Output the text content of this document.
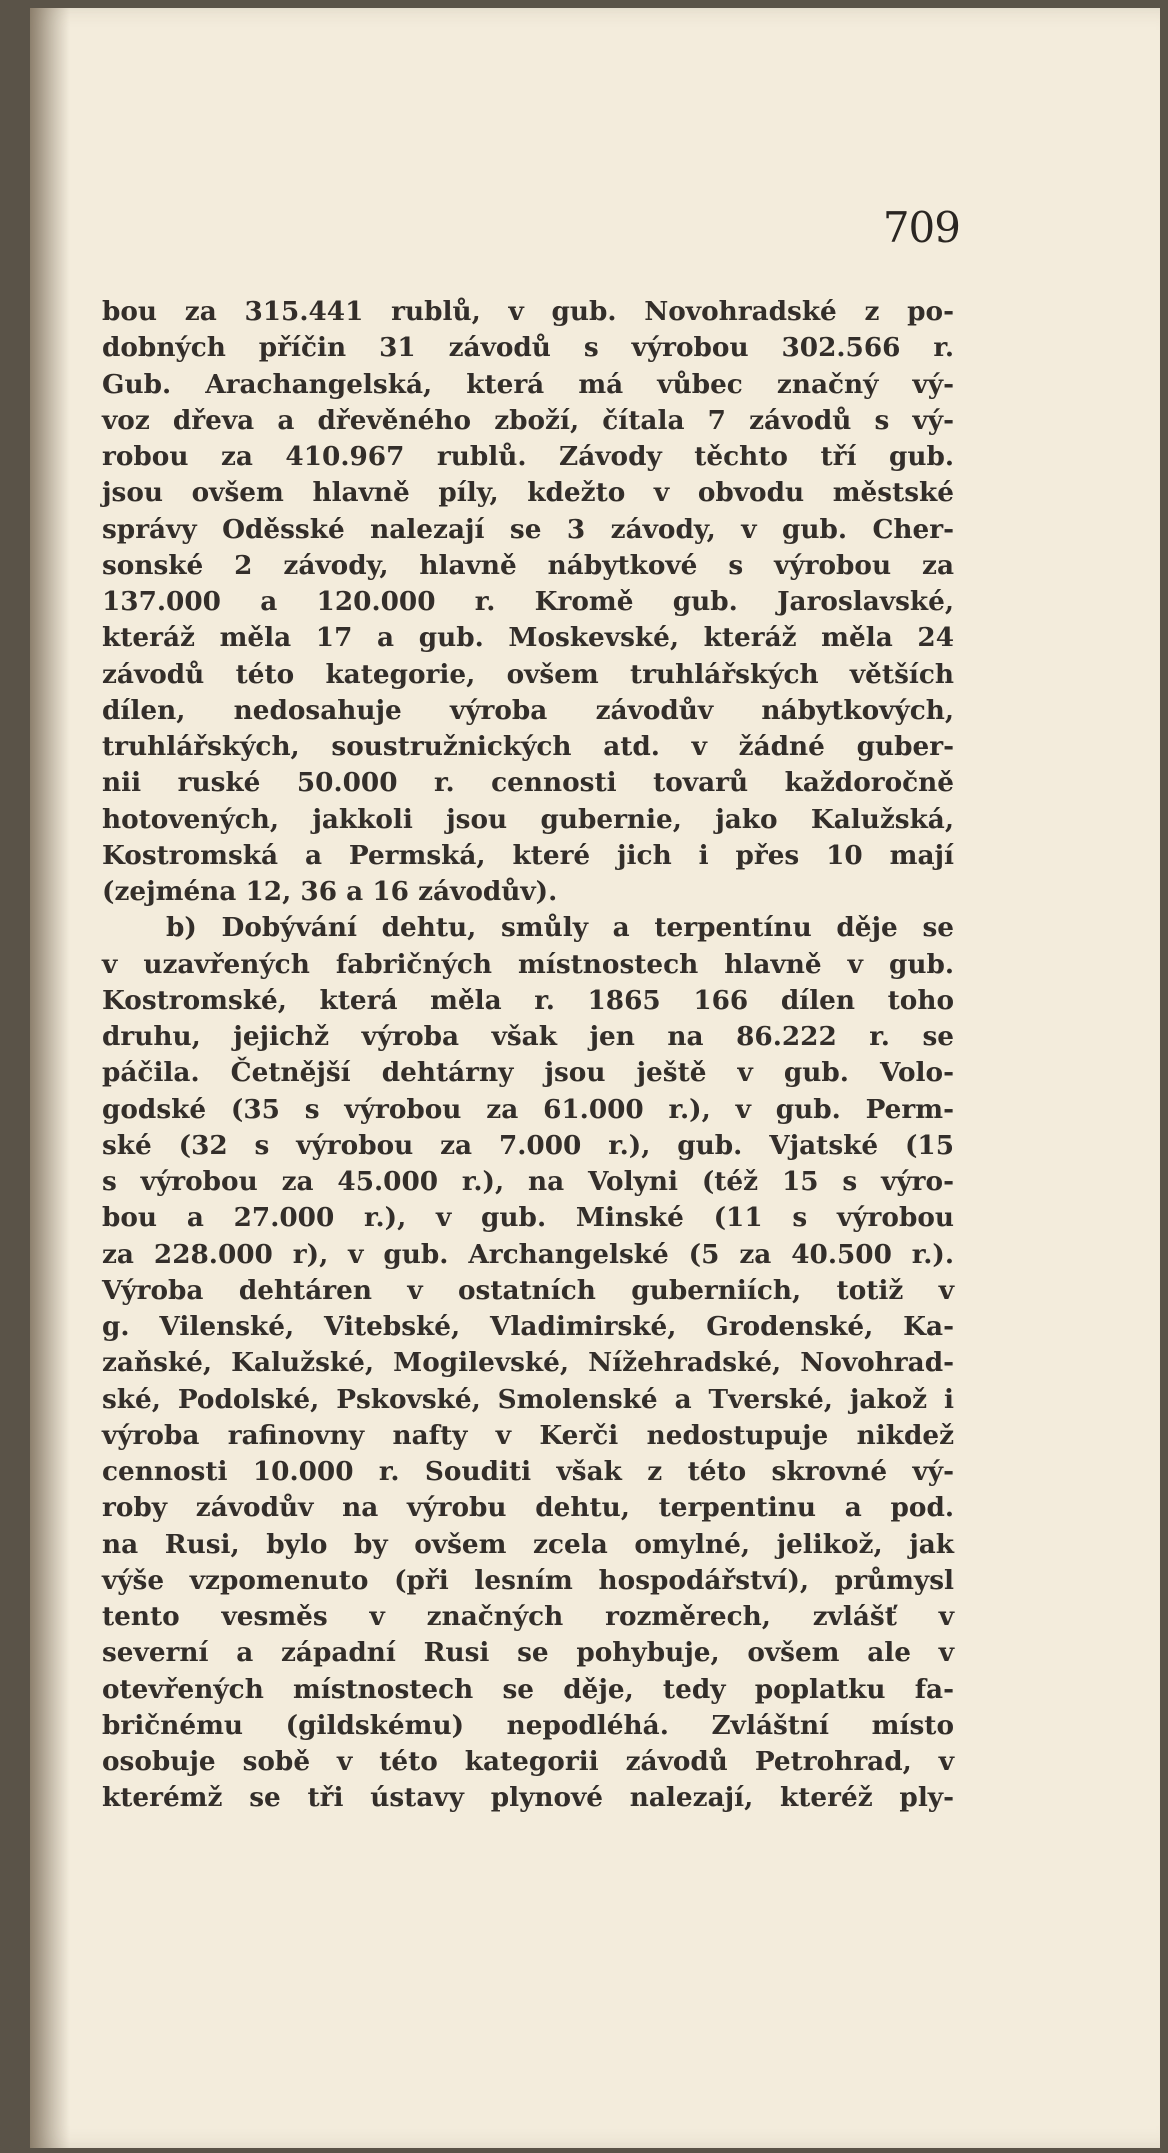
709

bou za 315.441 rublů, v gub. Novohradské z po-

dobných příčin 31 závodů s výrobou 302.566 r.

Gub. Arachangelská, která má vůbec značný vý-

voz dřeva a dřevěného zboží, čítala 7 závodů s vý-

robou za 410.967 rublů. Závody těchto tří gub.

jsou ovšem hlavně píly, kdežto v obvodu městské

správy Oděsské nalezají se 3 závody, v gub. Cher-

sonské 2 závody, hlavně nábytkové s výrobou za

137.000 a 120.000 r. Kromě gub. Jaroslavské,

kteráž měla 17 a gub. Moskevské, kteráž měla 24

závodů této kategorie, ovšem truhlářských větších

dílen, nedosahuje výroba závodův nábytkových,

truhlářských, soustružnických atd. v žádné guber-

nii ruské 50.000 r. cennosti tovarů každoročně

hotovených, jakkoli jsou gubernie, jako Kalužská,

Kostromská a Permská, které jich i přes 10 mají

(zejména 12, 36 a 16 závodův).

b) Dobývání dehtu, smůly a terpentínu děje se

v uzavřených fabričných místnostech hlavně v gub.

Kostromské, která měla r. 1865 166 dílen toho

druhu, jejichž výroba však jen na 86.222 r. se

páčila. Četnější dehtárny jsou ještě v gub. Volo-

godské (35 s výrobou za 61.000 r.), v gub. Perm-

ské (32 s výrobou za 7.000 r.), gub. Vjatské (15

s výrobou za 45.000 r.), na Volyni (též 15 s výro-

bou a 27.000 r.), v gub. Minské (11 s výrobou

za 228.000 r), v gub. Archangelské (5 za 40.500 r.).

Výroba dehtáren v ostatních guberniích, totiž v

g. Vilenské, Vitebské, Vladimirské, Grodenské, Ka-

zaňské, Kalužské, Mogilevské, Nížehradské, Novohrad-

ské, Podolské, Pskovské, Smolenské a Tverské, jakož i

výroba rafinovny nafty v Kerči nedostupuje nikdež

cennosti 10.000 r. Souditi však z této skrovné vý-

roby závodův na výrobu dehtu, terpentinu a pod.

na Rusi, bylo by ovšem zcela omylné, jelikož, jak

výše vzpomenuto (při lesním hospodářství), průmysl

tento vesměs v značných rozměrech, zvlášť v

severní a západní Rusi se pohybuje, ovšem ale v

otevřených místnostech se děje, tedy poplatku fa-

bričnému (gildskému) nepodléhá. Zvláštní místo

osobuje sobě v této kategorii závodů Petrohrad, v

kterémž se tři ústavy plynové nalezají, kteréž ply-
